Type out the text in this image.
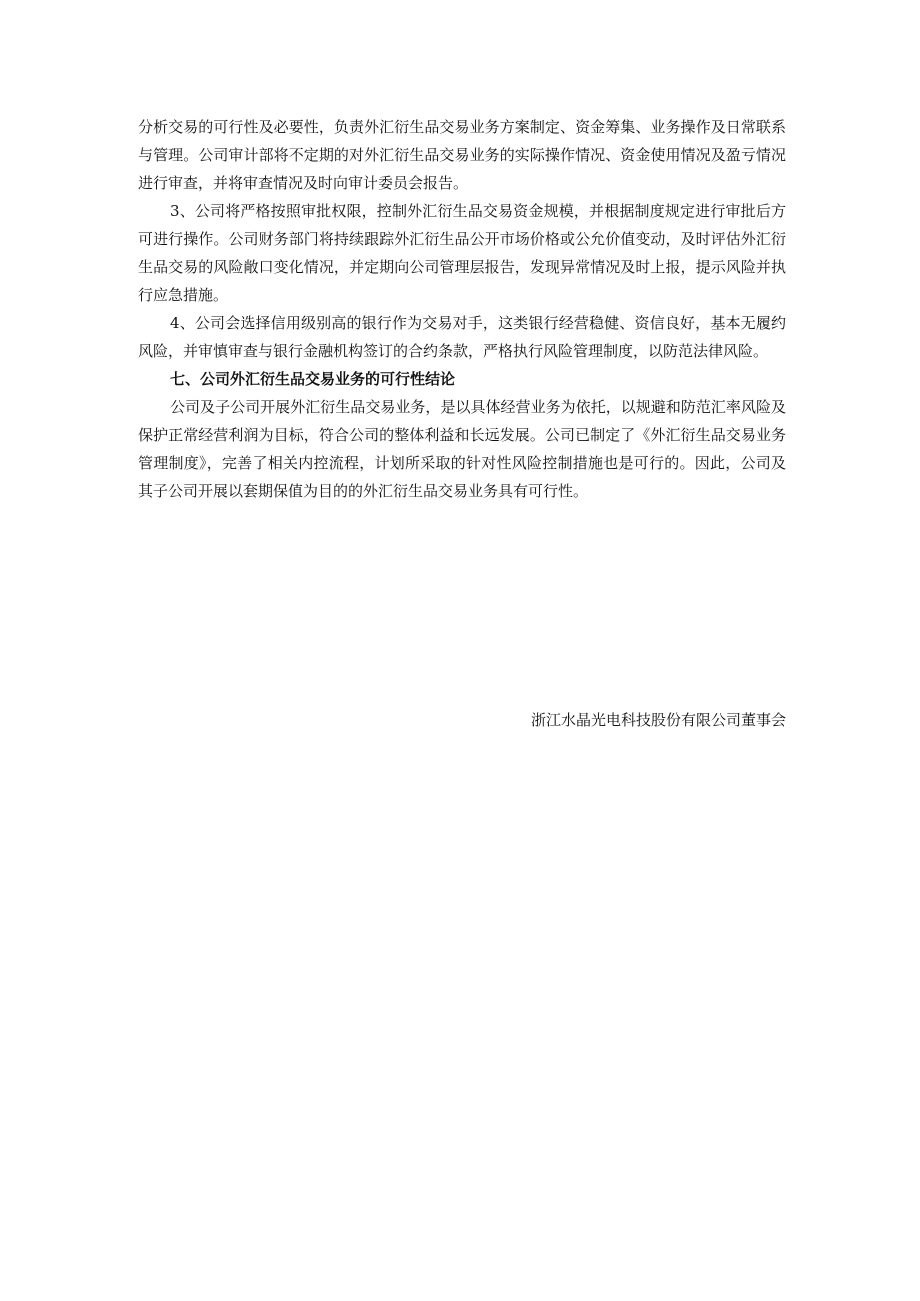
分析交易的可行性及必要性，负责外汇衍生品交易业务方案制定、资金筹集、业务操作及日常联系与管理。公司审计部将不定期的对外汇衍生品交易业务的实际操作情况、资金使用情况及盈亏情况进行审查，并将审查情况及时向审计委员会报告。

3、公司将严格按照审批权限，控制外汇衍生品交易资金规模，并根据制度规定进行审批后方可进行操作。公司财务部门将持续跟踪外汇衍生品公开市场价格或公允价值变动，及时评估外汇衍生品交易的风险敞口变化情况，并定期向公司管理层报告，发现异常情况及时上报，提示风险并执行应急措施。

4、公司会选择信用级别高的银行作为交易对手，这类银行经营稳健、资信良好，基本无履约风险，并审慎审查与银行金融机构签订的合约条款，严格执行风险管理制度，以防范法律风险。

七、公司外汇衍生品交易业务的可行性结论

公司及子公司开展外汇衍生品交易业务，是以具体经营业务为依托，以规避和防范汇率风险及保护正常经营利润为目标，符合公司的整体利益和长远发展。公司已制定了《外汇衍生品交易业务管理制度》，完善了相关内控流程，计划所采取的针对性风险控制措施也是可行的。因此，公司及其子公司开展以套期保值为目的的外汇衍生品交易业务具有可行性。

浙江水晶光电科技股份有限公司董事会
